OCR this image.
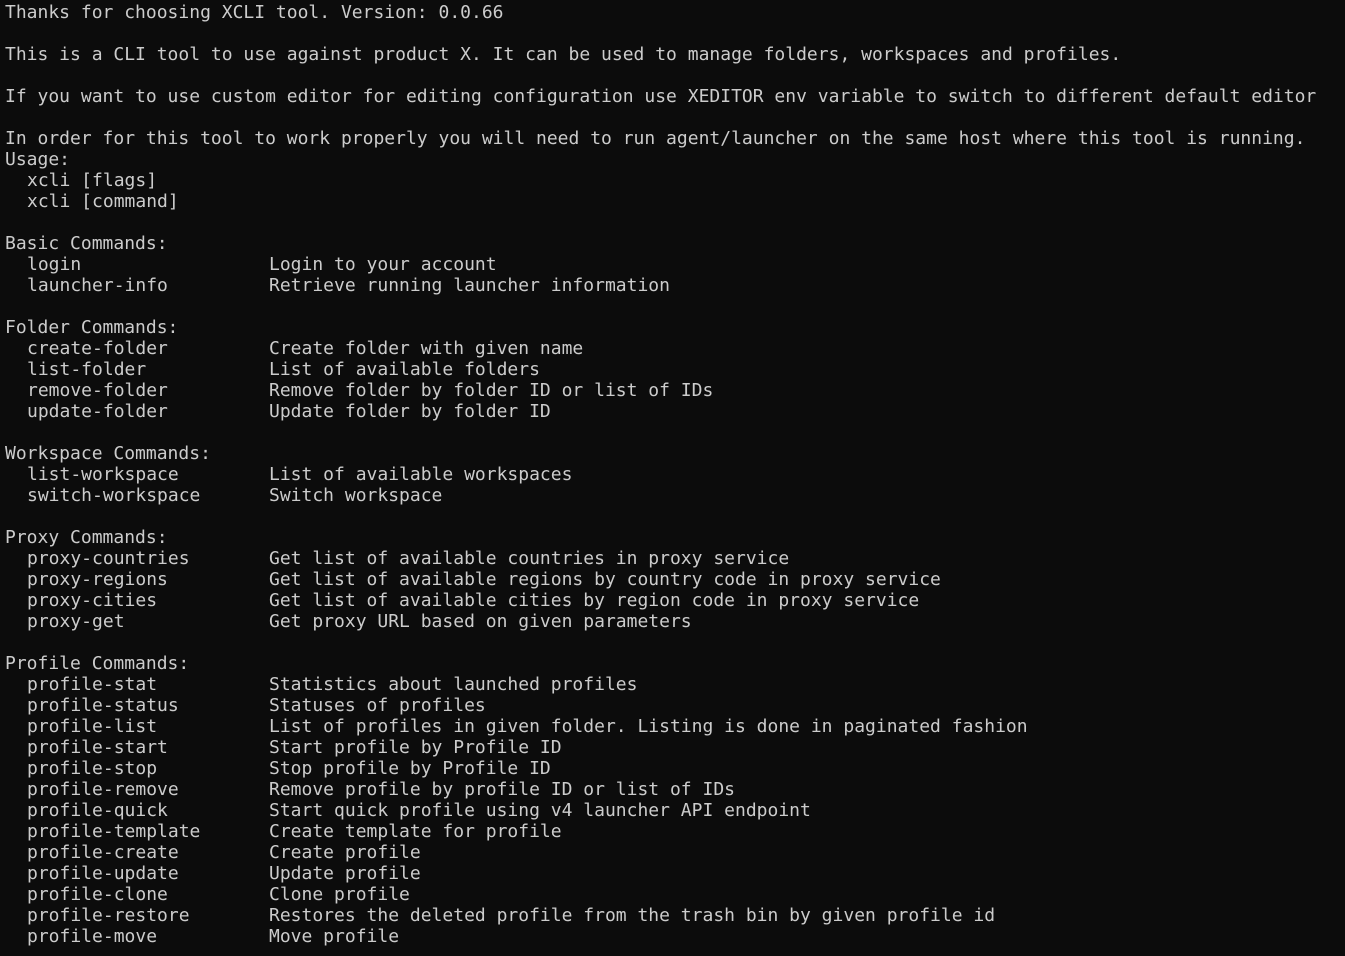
Thanks for choosing XCLI tool. Version: 0.0.66
This is a CLI tool to use against product X. It can be used to manage folders, workspaces and profiles.
If you want to use custom editor for editing configuration use XEDITOR env variable to switch to different default editor
In order for this tool to work properly you will need to run agent/launcher on the same host where this tool is running.
Usage:
xcli [flags]
xcli [command]
Basic Commands:
login	Login to your account
launcher-info	Retrieve running launcher information
Folder Commands:
create-folder	Create folder with given name
list-folder	List of available folders
remove-folder	Remove folder by folder ID or list of IDs
update-folder	Update folder by folder ID
Workspace Commands:
list-workspace	List of available workspaces
switch-workspace	Switch workspace
Proxy Commands:
proxy-countries	Get list of available countries in proxy service
proxy-regions	Get list of available regions by country code in proxy service
proxy-cities	Get list of available cities by region code in proxy service
proxy-get	Get proxy URL based on given parameters
Profile Commands:
profile-stat	Statistics about launched profiles
profile-status	Statuses of profiles
profile-list	List of profiles in given folder. Listing is done in paginated fashion
profile-start	Start profile by Profile ID
profile-stop	Stop profile by Profile ID
profile-remove	Remove profile by profile ID or list of IDs
profile-quick	Start quick profile using v4 launcher API endpoint
profile-template	Create template for profile
profile-create	Create profile
profile-update	Update profile
profile-clone	Clone profile
profile-restore	Restores the deleted profile from the trash bin by given profile id
profile-move	Move profile
